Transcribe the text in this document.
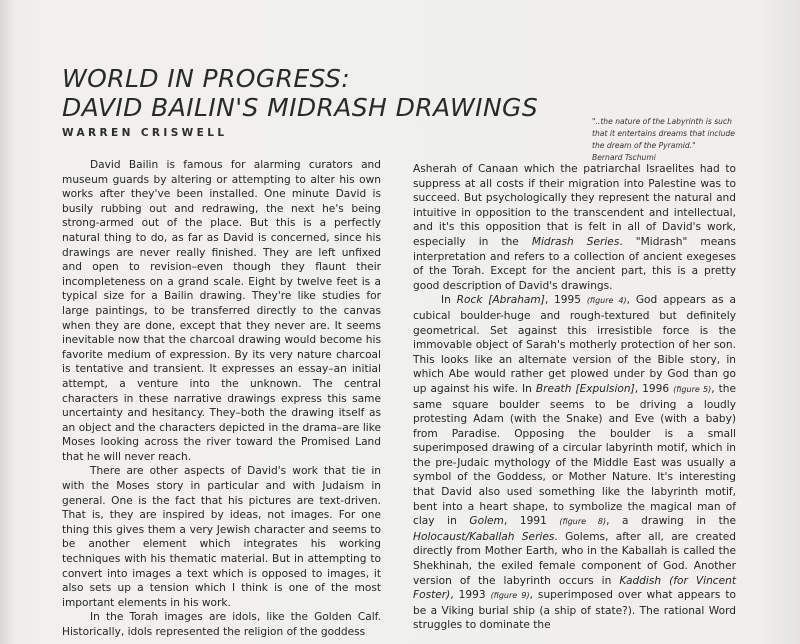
WORLD IN PROGRESS:
DAVID BAILIN'S MIDRASH DRAWINGS
WARREN CRISWELL

"..the nature of the Labyrinth is such that it entertains dreams that include the dream of the Pyramid."

Bernard Tschumi

David Bailin is famous for alarming curators and museum guards by altering or attempting to alter his own works after they've been installed. One minute David is busily rubbing out and redrawing, the next he's being strong-armed out of the place. But this is a perfectly natural thing to do, as far as David is concerned, since his drawings are never really finished. They are left unfixed and open to revision–even though they flaunt their incompleteness on a grand scale. Eight by twelve feet is a typical size for a Bailin drawing. They're like studies for large paintings, to be transferred directly to the canvas when they are done, except that they never are. It seems inevitable now that the charcoal drawing would become his favorite medium of expression. By its very nature charcoal is tentative and transient. It expresses an essay–an initial attempt, a venture into the unknown. The central characters in these narrative drawings express this same uncertainty and hesitancy. They–both the drawing itself as an object and the characters depicted in the drama–are like Moses looking across the river toward the Promised Land that he will never reach.

There are other aspects of David's work that tie in with the Moses story in particular and with Judaism in general. One is the fact that his pictures are text-driven. That is, they are inspired by ideas, not images. For one thing this gives them a very Jewish character and seems to be another element which integrates his working techniques with his thematic material. But in attempting to convert into images a text which is opposed to images, it also sets up a tension which I think is one of the most important elements in his work.

In the Torah images are idols, like the Golden Calf. Historically, idols represented the religion of the goddess

Asherah of Canaan which the patriarchal Israelites had to suppress at all costs if their migration into Palestine was to succeed. But psychologically they represent the natural and intuitive in opposition to the transcendent and intellectual, and it's this opposition that is felt in all of David's work, especially in the Midrash Series. "Midrash" means interpretation and refers to a collection of ancient exegeses of the Torah. Except for the ancient part, this is a pretty good description of David's drawings.

In Rock [Abraham], 1995 (figure 4), God appears as a cubical boulder-huge and rough-textured but definitely geometrical. Set against this irresistible force is the immovable object of Sarah's motherly protection of her son. This looks like an alternate version of the Bible story, in which Abe would rather get plowed under by God than go up against his wife. In Breath [Expulsion], 1996 (figure 5), the same square boulder seems to be driving a loudly protesting Adam (with the Snake) and Eve (with a baby) from Paradise. Opposing the boulder is a small superimposed drawing of a circular labyrinth motif, which in the pre-Judaic mythology of the Middle East was usually a symbol of the Goddess, or Mother Nature. It's interesting that David also used something like the labyrinth motif, bent into a heart shape, to symbolize the magical man of clay in Golem, 1991 (figure 8), a drawing in the Holocaust/Kaballah Series. Golems, after all, are created directly from Mother Earth, who in the Kaballah is called the Shekhinah, the exiled female component of God. Another version of the labyrinth occurs in Kaddish (for Vincent Foster), 1993 (figure 9), superimposed over what appears to be a Viking burial ship (a ship of state?). The rational Word struggles to dominate the
